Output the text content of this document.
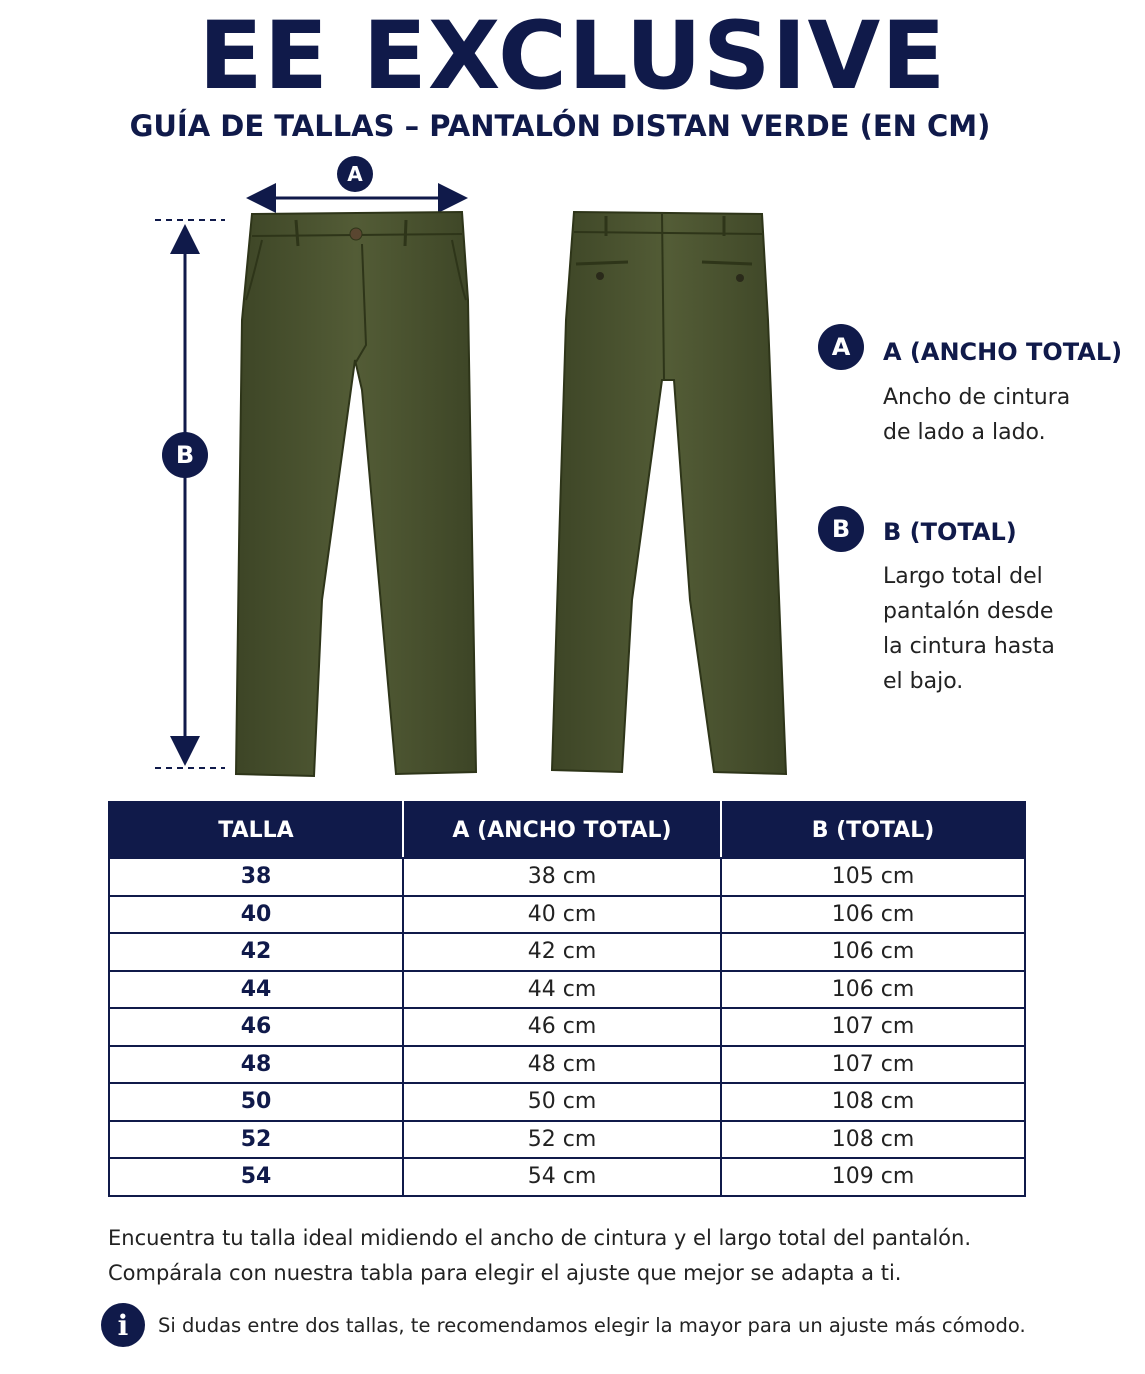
EE EXCLUSIVE
GUÍA DE TALLAS – PANTALÓN DISTAN VERDE (EN CM)
A
B
A	A (ANCHO TOTAL)
Ancho de cintura
de lado a lado.
B	B (TOTAL)
Largo total del
pantalón desde
la cintura hasta
el bajo.
TALLA	A (ANCHO TOTAL)	B (TOTAL)
38	38 cm	105 cm
40	40 cm	106 cm
42	42 cm	106 cm
44	44 cm	106 cm
46	46 cm	107 cm
48	48 cm	107 cm
50	50 cm	108 cm
52	52 cm	108 cm
54	54 cm	109 cm
Encuentra tu talla ideal midiendo el ancho de cintura y el largo total del pantalón.
Compárala con nuestra tabla para elegir el ajuste que mejor se adapta a ti.
i	Si dudas entre dos tallas, te recomendamos elegir la mayor para un ajuste más cómodo.
